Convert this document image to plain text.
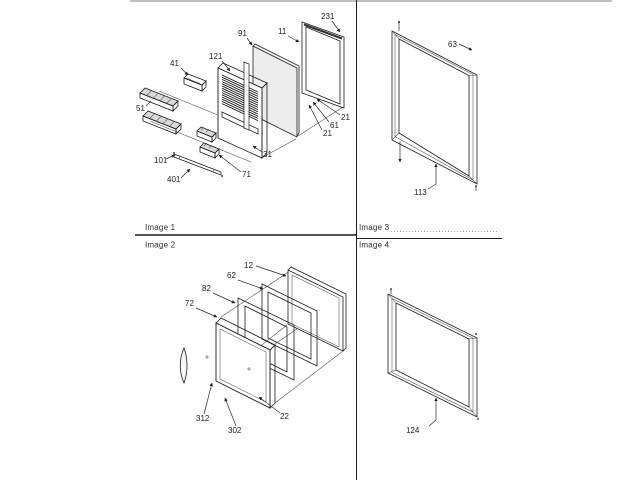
231
11
91
121
41
51
101
401
71
31
21
61
21
Image 1
12
62
82
72
22
312
302
Image 2
63
113
Image 3
124
Image 4
